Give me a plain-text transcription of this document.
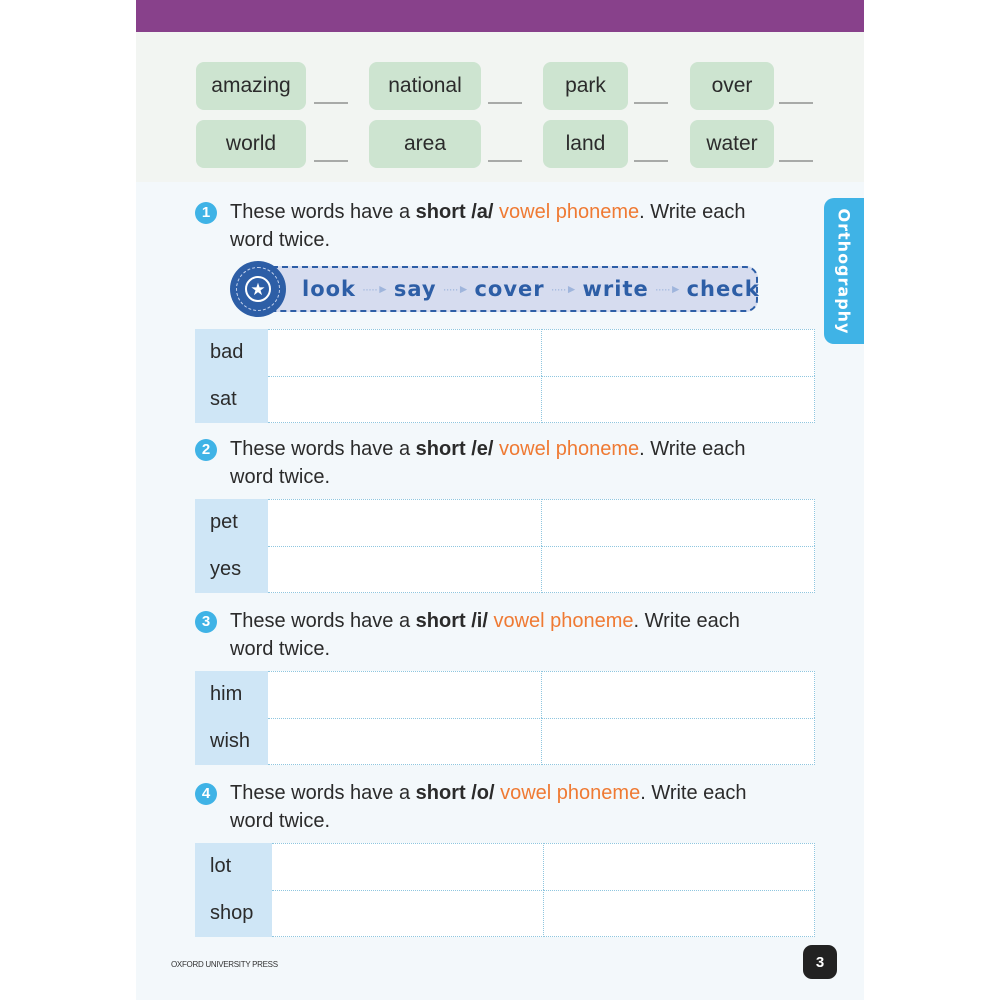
amazing	national	park	over
world	area	land	water
Orthography
1 These words have a short /a/ vowel phoneme. Write each
word twice.
look ·····► say ·····► cover ·····► write ·····► check
★
bad
sat
2 These words have a short /e/ vowel phoneme. Write each
word twice.
pet
yes
3 These words have a short /i/ vowel phoneme. Write each
word twice.
him
wish
4 These words have a short /o/ vowel phoneme. Write each
word twice.
lot
shop
OXFORD UNIVERSITY PRESS	3
